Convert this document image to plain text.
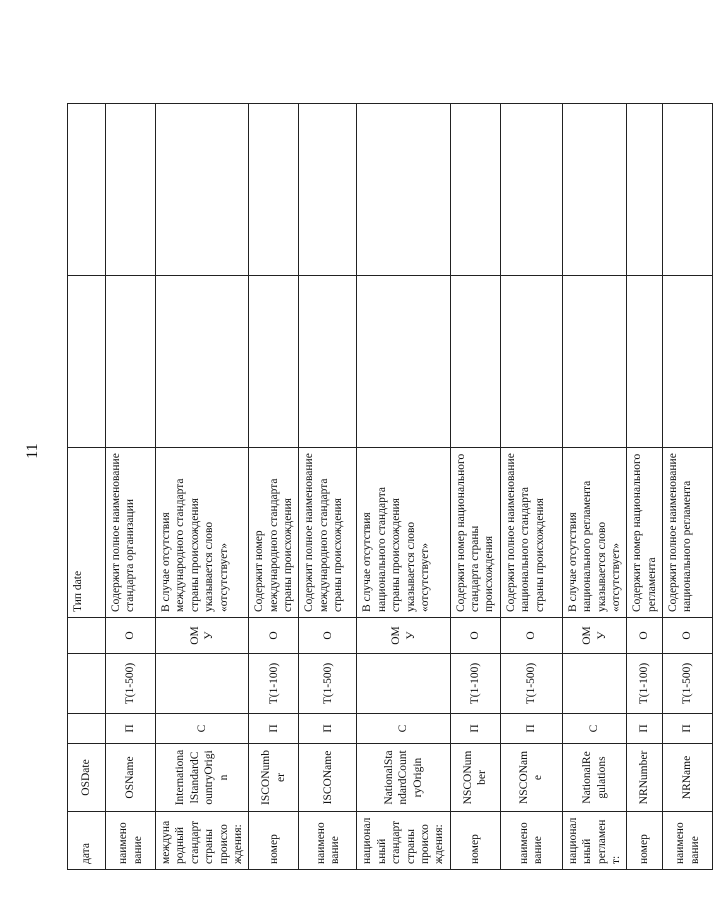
11
дата	OSDate				Тип date		
наименование	OSName	П	Т(1-500)	О	Содержит полное наименование стандарта организации		
международный стандарт страны происхождения:	InternationalStandardCountryOrigin	С		ОМУ	В случае отсутствия международного стандарта страны происхождения указывается слово «отсутствует»		
номер	ISCONumber	П	Т(1-100)	О	Содержит номер международного стандарта страны происхождения		
наименование	ISCOName	П	Т(1-500)	О	Содержит полное наименование международного стандарта страны происхождения		
национальный стандарт страны происхождения:	NationalStandardCountryOrigin	С		ОМУ	В случае отсутствия национального стандарта страны происхождения указывается слово «отсутствует»		
номер	NSCONumber	П	Т(1-100)	О	Содержит номер национального стандарта страны происхождения		
наименование	NSCOName	П	Т(1-500)	О	Содержит полное наименование национального стандарта страны происхождения		
национальный регламент:	NationalRegulations	С		ОМУ	В случае отсутствия национального регламента указывается слово «отсутствует»		
номер	NRNumber	П	Т(1-100)	О	Содержит номер национального регламента		
наименование	NRName	П	Т(1-500)	О	Содержит полное наименование национального регламента		
